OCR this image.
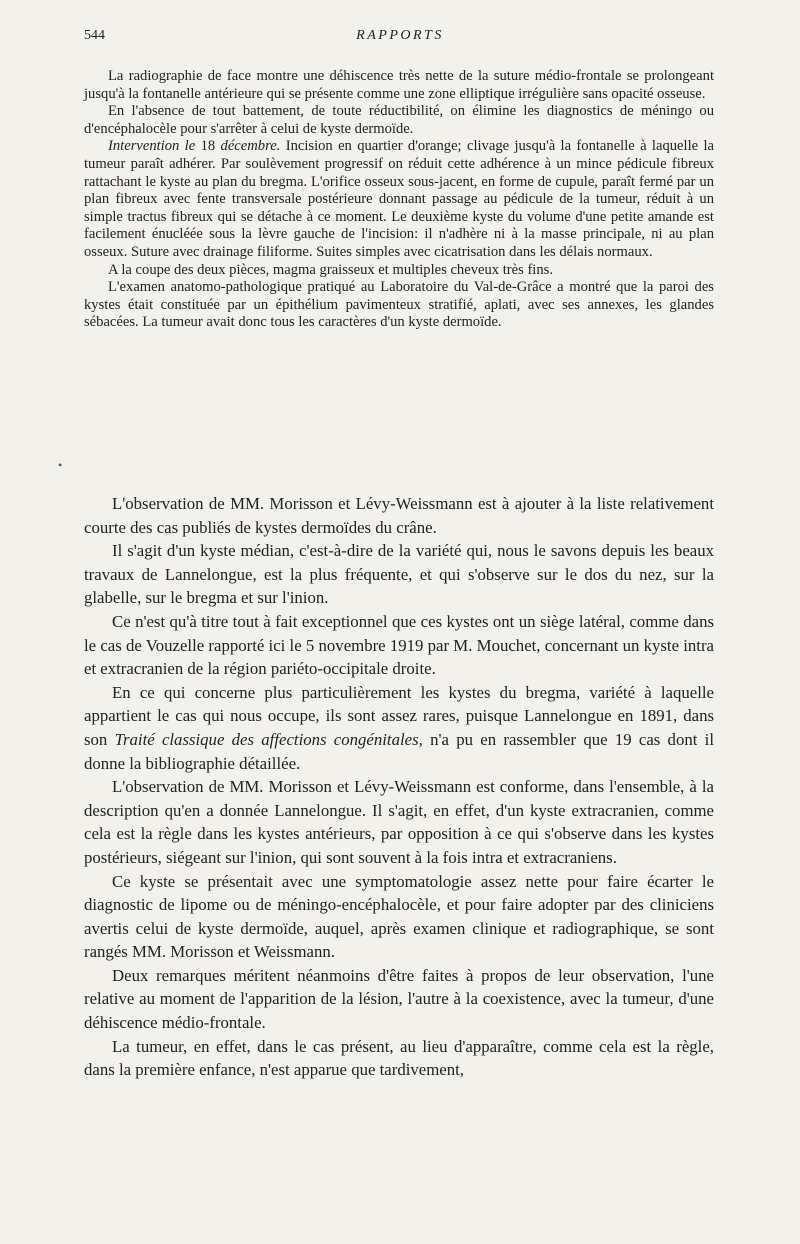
544	RAPPORTS

La radiographie de face montre une déhiscence très nette de la suture médio-frontale se prolongeant jusqu'à la fontanelle antérieure qui se présente comme une zone elliptique irrégulière sans opacité osseuse.

En l'absence de tout battement, de toute réductibilité, on élimine les diagnostics de méningo ou d'encéphalocèle pour s'arrêter à celui de kyste dermoïde.

Intervention le 18 décembre. Incision en quartier d'orange; clivage jusqu'à la fontanelle à laquelle la tumeur paraît adhérer. Par soulèvement progressif on réduit cette adhérence à un mince pédicule fibreux rattachant le kyste au plan du bregma. L'orifice osseux sous-jacent, en forme de cupule, paraît fermé par un plan fibreux avec fente transversale postérieure donnant passage au pédicule de la tumeur, réduit à un simple tractus fibreux qui se détache à ce moment. Le deuxième kyste du volume d'une petite amande est facilement énucléée sous la lèvre gauche de l'incision: il n'adhère ni à la masse principale, ni au plan osseux. Suture avec drainage filiforme. Suites simples avec cicatrisation dans les délais normaux.

A la coupe des deux pièces, magma graisseux et multiples cheveux très fins.

L'examen anatomo-pathologique pratiqué au Laboratoire du Val-de-Grâce a montré que la paroi des kystes était constituée par un épithélium pavimenteux stratifié, aplati, avec ses annexes, les glandes sébacées. La tumeur avait donc tous les caractères d'un kyste dermoïde.

•

L'observation de MM. Morisson et Lévy-Weissmann est à ajouter à la liste relativement courte des cas publiés de kystes dermoïdes du crâne.

Il s'agit d'un kyste médian, c'est-à-dire de la variété qui, nous le savons depuis les beaux travaux de Lannelongue, est la plus fréquente, et qui s'observe sur le dos du nez, sur la glabelle, sur le bregma et sur l'inion.

Ce n'est qu'à titre tout à fait exceptionnel que ces kystes ont un siège latéral, comme dans le cas de Vouzelle rapporté ici le 5 novembre 1919 par M. Mouchet, concernant un kyste intra et extracranien de la région pariéto-occipitale droite.

En ce qui concerne plus particulièrement les kystes du bregma, variété à laquelle appartient le cas qui nous occupe, ils sont assez rares, puisque Lannelongue en 1891, dans son Traité classique des affections congénitales, n'a pu en rassembler que 19 cas dont il donne la bibliographie détaillée.

L'observation de MM. Morisson et Lévy-Weissmann est conforme, dans l'ensemble, à la description qu'en a donnée Lannelongue. Il s'agit, en effet, d'un kyste extracranien, comme cela est la règle dans les kystes antérieurs, par opposition à ce qui s'observe dans les kystes postérieurs, siégeant sur l'inion, qui sont souvent à la fois intra et extracraniens.

Ce kyste se présentait avec une symptomatologie assez nette pour faire écarter le diagnostic de lipome ou de méningo-encéphalocèle, et pour faire adopter par des cliniciens avertis celui de kyste dermoïde, auquel, après examen clinique et radiographique, se sont rangés MM. Morisson et Weissmann.

Deux remarques méritent néanmoins d'être faites à propos de leur observation, l'une relative au moment de l'apparition de la lésion, l'autre à la coexistence, avec la tumeur, d'une déhiscence médio-frontale.

La tumeur, en effet, dans le cas présent, au lieu d'apparaître, comme cela est la règle, dans la première enfance, n'est apparue que tardivement,
